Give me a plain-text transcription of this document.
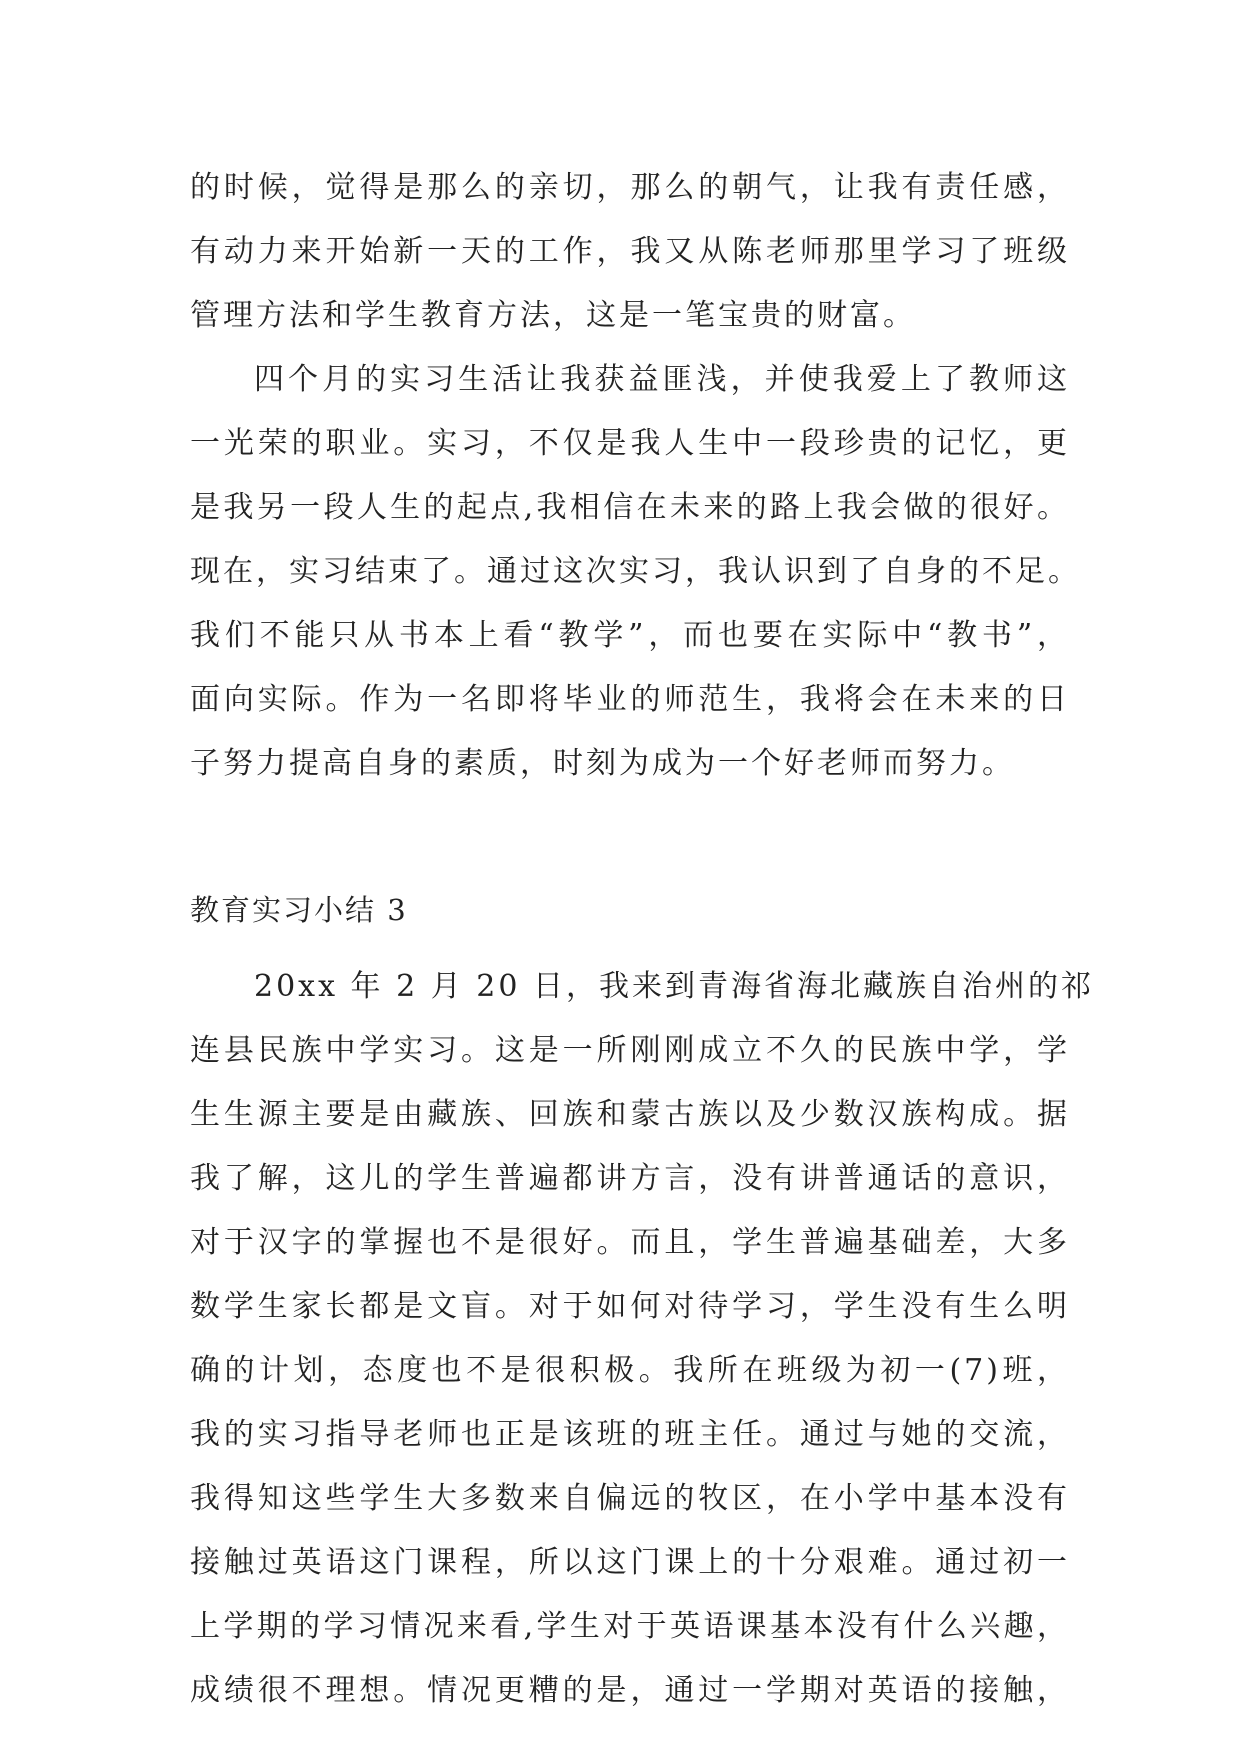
的时候，觉得是那么的亲切，那么的朝气，让我有责任感，
有动力来开始新一天的工作，我又从陈老师那里学习了班级
管理方法和学生教育方法，这是一笔宝贵的财富。
四个月的实习生活让我获益匪浅，并使我爱上了教师这
一光荣的职业。实习，不仅是我人生中一段珍贵的记忆，更
是我另一段人生的起点,我相信在未来的路上我会做的很好。
现在，实习结束了。通过这次实习，我认识到了自身的不足。
我们不能只从书本上看“教学”，而也要在实际中“教书”，
面向实际。作为一名即将毕业的师范生，我将会在未来的日
子努力提高自身的素质，时刻为成为一个好老师而努力。
教育实习小结 3
20xx 年 2 月 20 日，我来到青海省海北藏族自治州的祁
连县民族中学实习。这是一所刚刚成立不久的民族中学，学
生生源主要是由藏族、回族和蒙古族以及少数汉族构成。据
我了解，这儿的学生普遍都讲方言，没有讲普通话的意识，
对于汉字的掌握也不是很好。而且，学生普遍基础差，大多
数学生家长都是文盲。对于如何对待学习，学生没有生么明
确的计划，态度也不是很积极。我所在班级为初一(7)班，
我的实习指导老师也正是该班的班主任。通过与她的交流，
我得知这些学生大多数来自偏远的牧区，在小学中基本没有
接触过英语这门课程，所以这门课上的十分艰难。通过初一
上学期的学习情况来看,学生对于英语课基本没有什么兴趣，
成绩很不理想。情况更糟的是，通过一学期对英语的接触，
